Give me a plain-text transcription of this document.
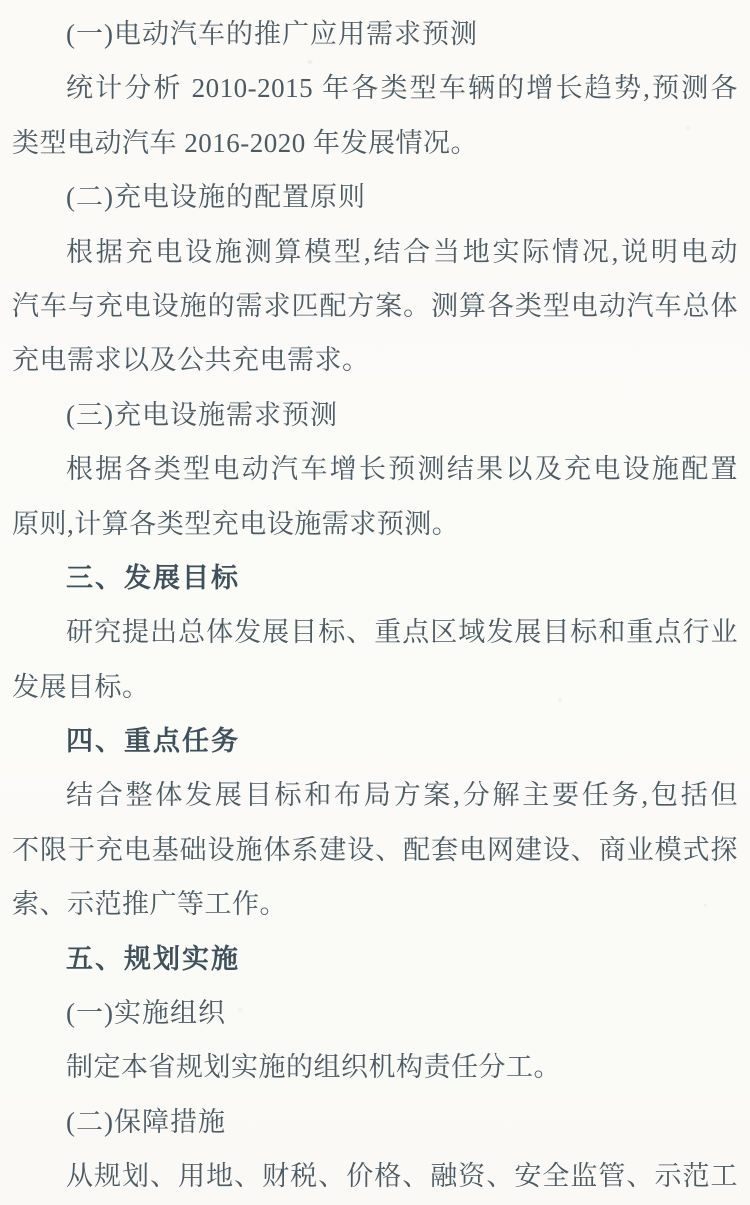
(一)电动汽车的推广应用需求预测
统计分析 2010-2015 年各类型车辆的增长趋势,预测各
类型电动汽车 2016-2020 年发展情况。
(二)充电设施的配置原则
根据充电设施测算模型,结合当地实际情况,说明电动
汽车与充电设施的需求匹配方案。测算各类型电动汽车总体
充电需求以及公共充电需求。
(三)充电设施需求预测
根据各类型电动汽车增长预测结果以及充电设施配置
原则,计算各类型充电设施需求预测。
三、发展目标
研究提出总体发展目标、重点区域发展目标和重点行业
发展目标。
四、重点任务
结合整体发展目标和布局方案,分解主要任务,包括但
不限于充电基础设施体系建设、配套电网建设、商业模式探
索、示范推广等工作。
五、规划实施
(一)实施组织
制定本省规划实施的组织机构责任分工。
(二)保障措施
从规划、用地、财税、价格、融资、安全监管、示范工
